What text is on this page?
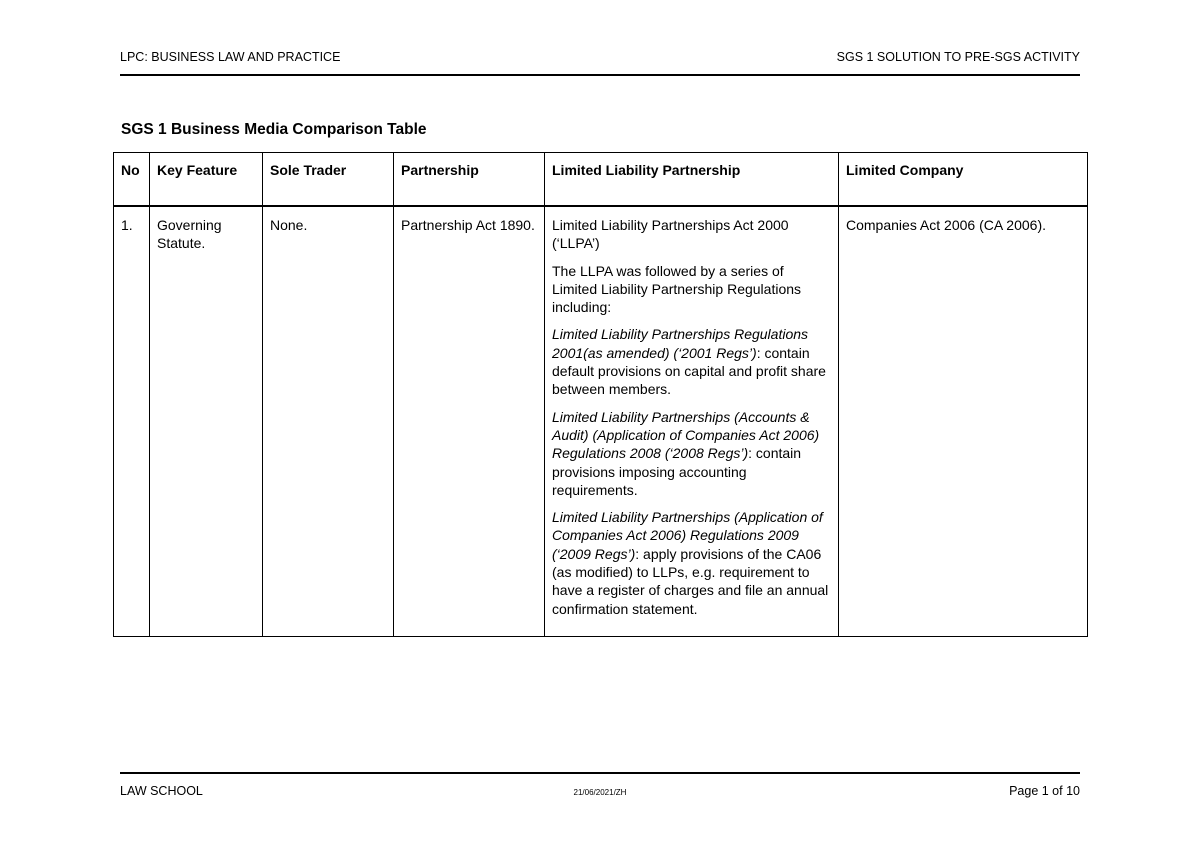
LPC: BUSINESS LAW AND PRACTICE	SGS 1 SOLUTION TO PRE-SGS ACTIVITY
SGS 1 Business Media Comparison Table
No	Key Feature	Sole Trader	Partnership	Limited Liability Partnership	Limited Company
1.	Governing Statute.	None.	Partnership Act 1890.	Limited Liability Partnerships Act 2000 (‘LLPA’)

The LLPA was followed by a series of Limited Liability Partnership Regulations including:

Limited Liability Partnerships Regulations 2001(as amended) (‘2001 Regs’): contain default provisions on capital and profit share between members.

Limited Liability Partnerships (Accounts & Audit) (Application of Companies Act 2006) Regulations 2008 (‘2008 Regs’): contain provisions imposing accounting requirements.

Limited Liability Partnerships (Application of Companies Act 2006) Regulations 2009 (‘2009 Regs’): apply provisions of the CA06 (as modified) to LLPs, e.g. requirement to have a register of charges and file an annual confirmation statement.	Companies Act 2006 (CA 2006).
LAW SCHOOL	21/06/2021/ZH	Page 1 of 10
